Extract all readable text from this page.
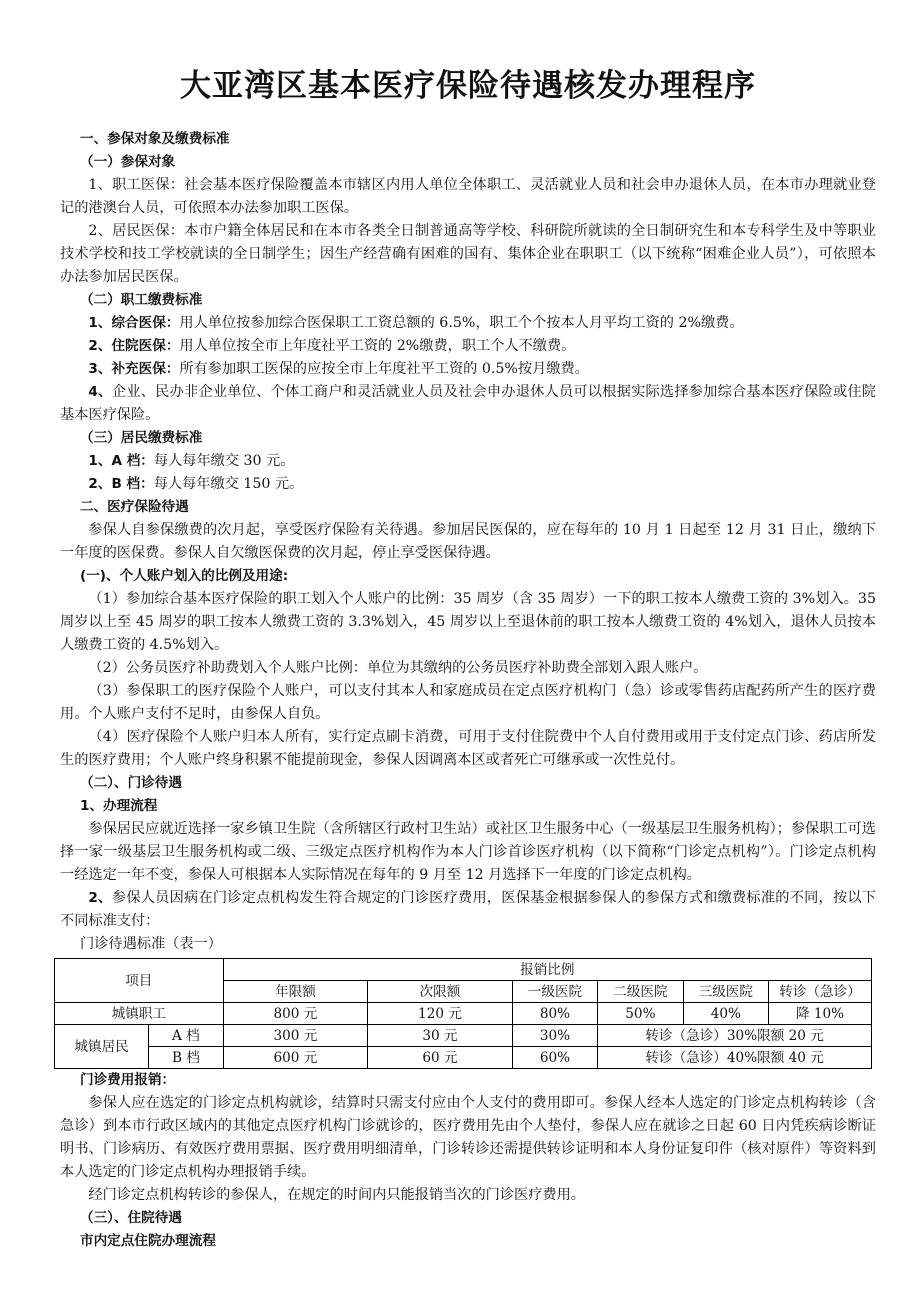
大亚湾区基本医疗保险待遇核发办理程序
一、参保对象及缴费标准
（一）参保对象
1、职工医保：社会基本医疗保险覆盖本市辖区内用人单位全体职工、灵活就业人员和社会申办退休人员，在本市办理就业登记的港澳台人员，可依照本办法参加职工医保。
2、居民医保：本市户籍全体居民和在本市各类全日制普通高等学校、科研院所就读的全日制研究生和本专科学生及中等职业技术学校和技工学校就读的全日制学生；因生产经营确有困难的国有、集体企业在职职工（以下统称“困难企业人员”），可依照本办法参加居民医保。
（二）职工缴费标准
1、综合医保：用人单位按参加综合医保职工工资总额的 6.5%，职工个个按本人月平均工资的 2%缴费。
2、住院医保：用人单位按全市上年度社平工资的 2%缴费，职工个人不缴费。
3、补充医保：所有参加职工医保的应按全市上年度社平工资的 0.5%按月缴费。
4、企业、民办非企业单位、个体工商户和灵活就业人员及社会申办退休人员可以根据实际选择参加综合基本医疗保险或住院基本医疗保险。
（三）居民缴费标准
1、A 档：每人每年缴交 30 元。
2、B 档：每人每年缴交 150 元。
二、医疗保险待遇
参保人自参保缴费的次月起，享受医疗保险有关待遇。参加居民医保的，应在每年的 10 月 1 日起至 12 月 31 日止，缴纳下一年度的医保费。参保人自欠缴医保费的次月起，停止享受医保待遇。
(一)、个人账户划入的比例及用途:
（1）参加综合基本医疗保险的职工划入个人账户的比例：35 周岁（含 35 周岁）一下的职工按本人缴费工资的 3%划入。35 周岁以上至 45 周岁的职工按本人缴费工资的 3.3%划入，45 周岁以上至退休前的职工按本人缴费工资的 4%划入，退休人员按本人缴费工资的 4.5%划入。
（2）公务员医疗补助费划入个人账户比例：单位为其缴纳的公务员医疗补助费全部划入跟人账户。
（3）参保职工的医疗保险个人账户，可以支付其本人和家庭成员在定点医疗机构门（急）诊或零售药店配药所产生的医疗费用。个人账户支付不足时，由参保人自负。
（4）医疗保险个人账户归本人所有，实行定点刷卡消费，可用于支付住院费中个人自付费用或用于支付定点门诊、药店所发生的医疗费用；个人账户终身积累不能提前现金，参保人因调离本区或者死亡可继承或一次性兑付。
（二）、门诊待遇
1、办理流程
参保居民应就近选择一家乡镇卫生院（含所辖区行政村卫生站）或社区卫生服务中心（一级基层卫生服务机构）；参保职工可选择一家一级基层卫生服务机构或二级、三级定点医疗机构作为本人门诊首诊医疗机构（以下简称“门诊定点机构”）。门诊定点机构一经选定一年不变，参保人可根据本人实际情况在每年的 9 月至 12 月选择下一年度的门诊定点机构。
2、参保人员因病在门诊定点机构发生符合规定的门诊医疗费用，医保基金根据参保人的参保方式和缴费标准的不同，按以下不同标准支付：
门诊待遇标准（表一）
项目		报销比例					
		年限额	次限额	一级医院	二级医院	三级医院	转诊（急诊）
城镇职工		800 元	120 元	80%	50%	40%	降 10%
城镇居民	A 档	300 元	30 元	30%	转诊（急诊）30%限额 20 元		
	B 档	600 元	60 元	60%	转诊（急诊）40%限额 40 元		
门诊费用报销：
参保人应在选定的门诊定点机构就诊，结算时只需支付应由个人支付的费用即可。参保人经本人选定的门诊定点机构转诊（含急诊）到本市行政区域内的其他定点医疗机构门诊就诊的，医疗费用先由个人垫付，参保人应在就诊之日起 60 日内凭疾病诊断证明书、门诊病历、有效医疗费用票据、医疗费用明细清单，门诊转诊还需提供转诊证明和本人身份证复印件（核对原件）等资料到本人选定的门诊定点机构办理报销手续。
经门诊定点机构转诊的参保人，在规定的时间内只能报销当次的门诊医疗费用。
（三）、住院待遇
市内定点住院办理流程
